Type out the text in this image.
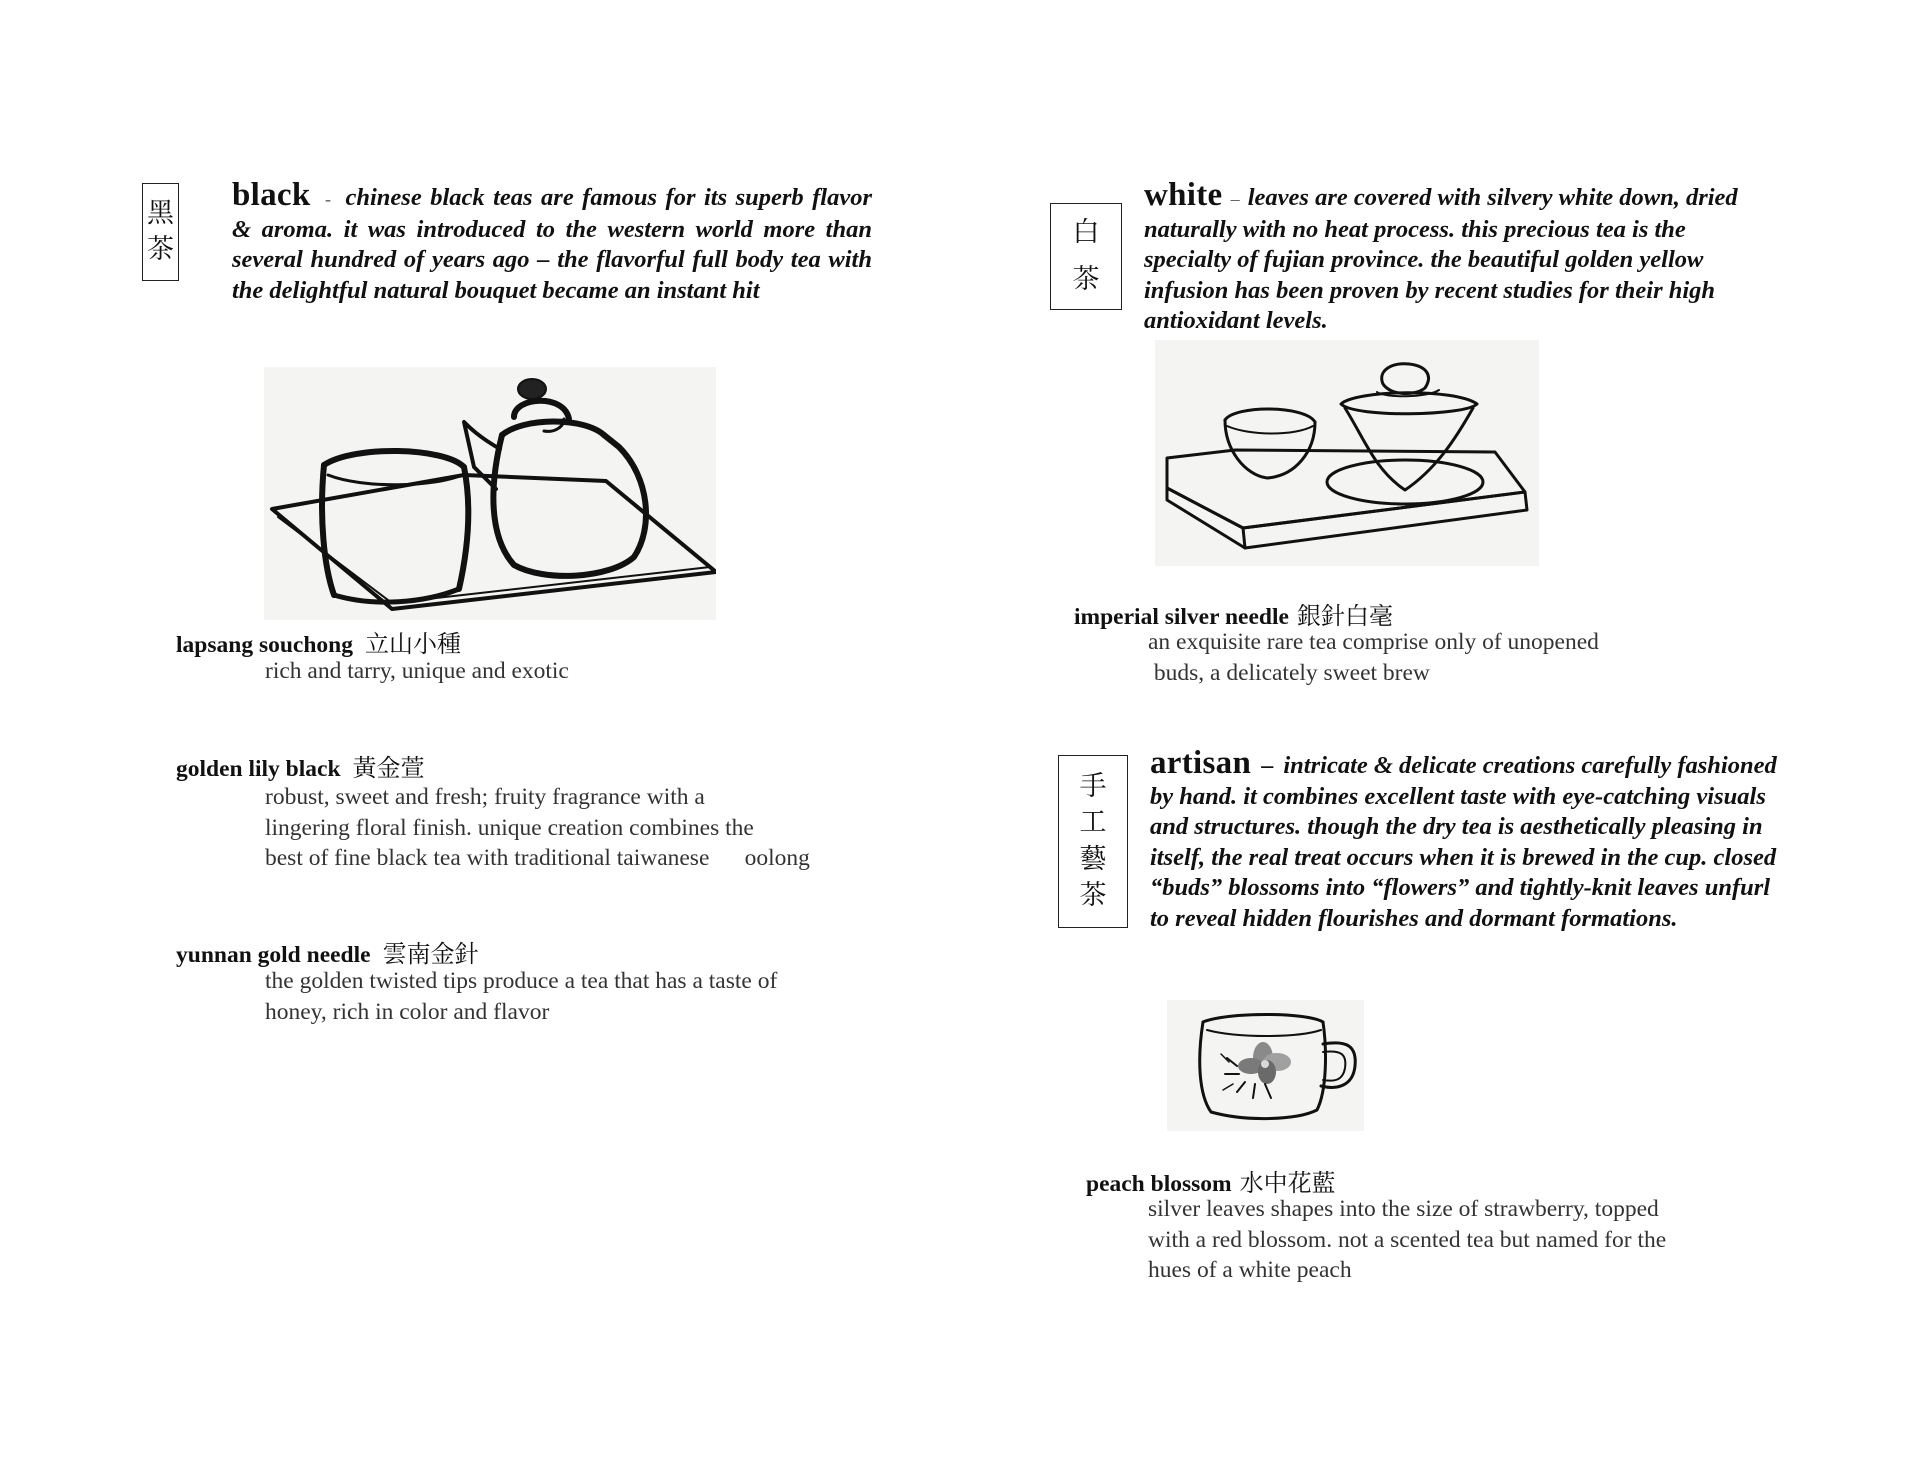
黑
茶
black - chinese black teas are famous for its superb flavor & aroma. it was introduced to the western world more than several hundred of years ago – the flavorful full body tea with the delightful natural bouquet became an instant hit
lapsang souchong 立山小種
rich and tarry, unique and exotic
golden lily black 黃金萱
robust, sweet and fresh; fruity fragrance with a
lingering floral finish. unique creation combines the
best of fine black tea with traditional taiwanese      oolong
yunnan gold needle 雲南金針
the golden twisted tips produce a tea that has a taste of
honey, rich in color and flavor
白
茶
white – leaves are covered with silvery white down, dried naturally with no heat process. this precious tea is the specialty of fujian province. the beautiful golden yellow infusion has been proven by recent studies for their high antioxidant levels.
imperial silver needle 銀針白毫
an exquisite rare tea comprise only of unopened
buds, a delicately sweet brew
手
工
藝
茶
artisan – intricate & delicate creations carefully fashioned by hand. it combines excellent taste with eye-catching visuals and structures. though the dry tea is aesthetically pleasing in itself, the real treat occurs when it is brewed in the cup. closed “buds” blossoms into “flowers” and tightly-knit leaves unfurl to reveal hidden flourishes and dormant formations.
peach blossom 水中花藍
silver leaves shapes into the size of strawberry, topped
with a red blossom. not a scented tea but named for the
hues of a white peach
